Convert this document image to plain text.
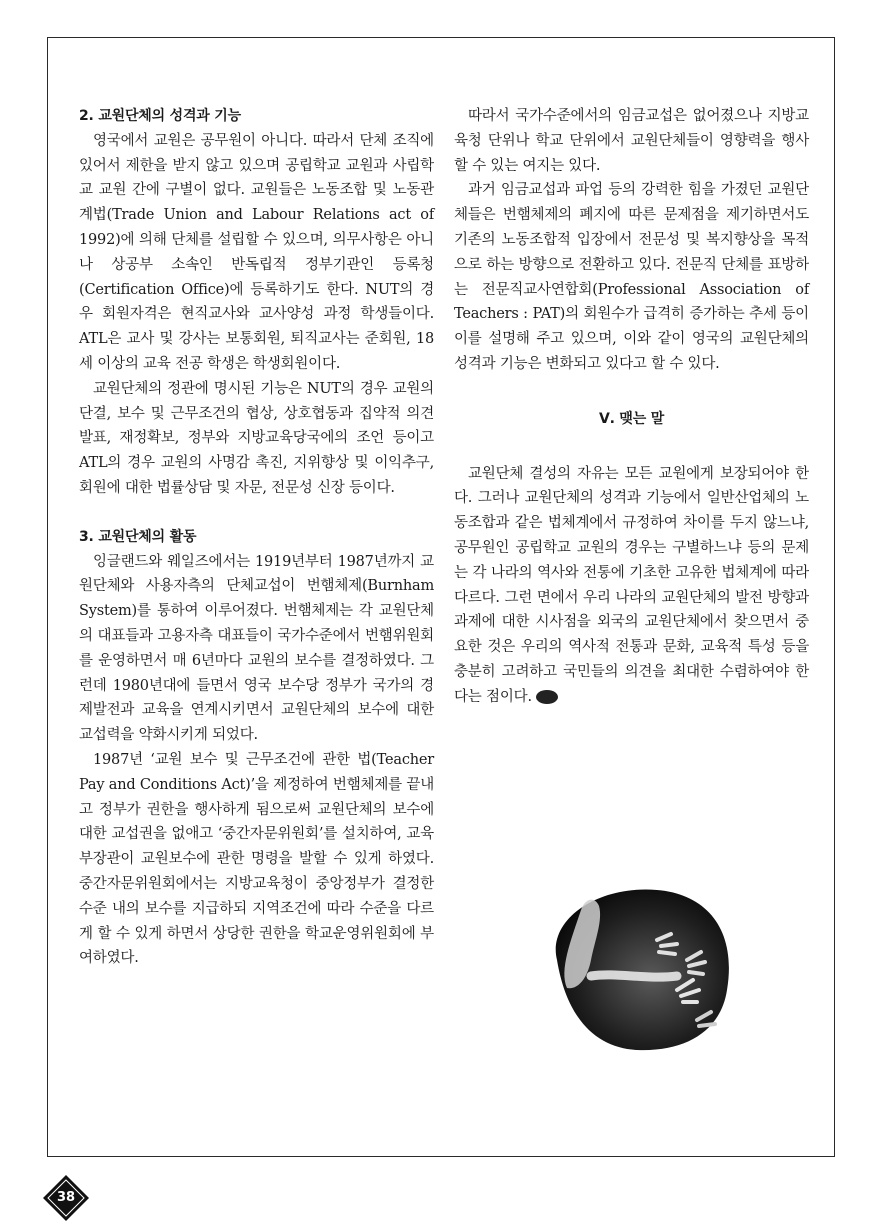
2. 교원단체의 성격과 기능

영국에서 교원은 공무원이 아니다. 따라서 단체 조직에 있어서 제한을 받지 않고 있으며 공립학교 교원과 사립학교 교원 간에 구별이 없다. 교원들은 노동조합 및 노동관계법(Trade Union and Labour Relations act of 1992)에 의해 단체를 설립할 수 있으며, 의무사항은 아니나 상공부 소속인 반독립적 정부기관인 등록청(Certification Office)에 등록하기도 한다. NUT의 경우 회원자격은 현직교사와 교사양성 과정 학생들이다. ATL은 교사 및 강사는 보통회원, 퇴직교사는 준회원, 18세 이상의 교육 전공 학생은 학생회원이다.

교원단체의 정관에 명시된 기능은 NUT의 경우 교원의 단결, 보수 및 근무조건의 협상, 상호협동과 집약적 의견 발표, 재정확보, 정부와 지방교육당국에의 조언 등이고 ATL의 경우 교원의 사명감 촉진, 지위향상 및 이익추구, 회원에 대한 법률상담 및 자문, 전문성 신장 등이다.

3. 교원단체의 활동

잉글랜드와 웨일즈에서는 1919년부터 1987년까지 교원단체와 사용자측의 단체교섭이 번햄체제(Burnham System)를 통하여 이루어졌다. 번햄체제는 각 교원단체의 대표들과 고용자측 대표들이 국가수준에서 번햄위원회를 운영하면서 매 6년마다 교원의 보수를 결정하였다. 그런데 1980년대에 들면서 영국 보수당 정부가 국가의 경제발전과 교육을 연계시키면서 교원단체의 보수에 대한 교섭력을 약화시키게 되었다.

1987년 ‘교원 보수 및 근무조건에 관한 법(Teacher Pay and Conditions Act)’을 제정하여 번햄체제를 끝내고 정부가 권한을 행사하게 됨으로써 교원단체의 보수에 대한 교섭권을 없애고 ‘중간자문위원회’를 설치하여, 교육부장관이 교원보수에 관한 명령을 발할 수 있게 하였다. 중간자문위원회에서는 지방교육청이 중앙정부가 결정한 수준 내의 보수를 지급하되 지역조건에 따라 수준을 다르게 할 수 있게 하면서 상당한 권한을 학교운영위원회에 부여하였다.

따라서 국가수준에서의 임금교섭은 없어졌으나 지방교육청 단위나 학교 단위에서 교원단체들이 영향력을 행사할 수 있는 여지는 있다.

과거 임금교섭과 파업 등의 강력한 힘을 가졌던 교원단체들은 번햄체제의 폐지에 따른 문제점을 제기하면서도 기존의 노동조합적 입장에서 전문성 및 복지향상을 목적으로 하는 방향으로 전환하고 있다. 전문직 단체를 표방하는 전문직교사연합회(Professional Association of Teachers : PAT)의 회원수가 급격히 증가하는 추세 등이 이를 설명해 주고 있으며, 이와 같이 영국의 교원단체의 성격과 기능은 변화되고 있다고 할 수 있다.

Ⅴ. 맺는 말

교원단체 결성의 자유는 모든 교원에게 보장되어야 한다. 그러나 교원단체의 성격과 기능에서 일반산업체의 노동조합과 같은 법체계에서 규정하여 차이를 두지 않느냐, 공무원인 공립학교 교원의 경우는 구별하느냐 등의 문제는 각 나라의 역사와 전통에 기초한 고유한 법체계에 따라 다르다. 그런 면에서 우리 나라의 교원단체의 발전 방향과 과제에 대한 시사점을 외국의 교원단체에서 찾으면서 중요한 것은 우리의 역사적 전통과 문화, 교육적 특성 등을 충분히 고려하고 국민들의 의견을 최대한 수렴하여야 한다는 점이다.

38
